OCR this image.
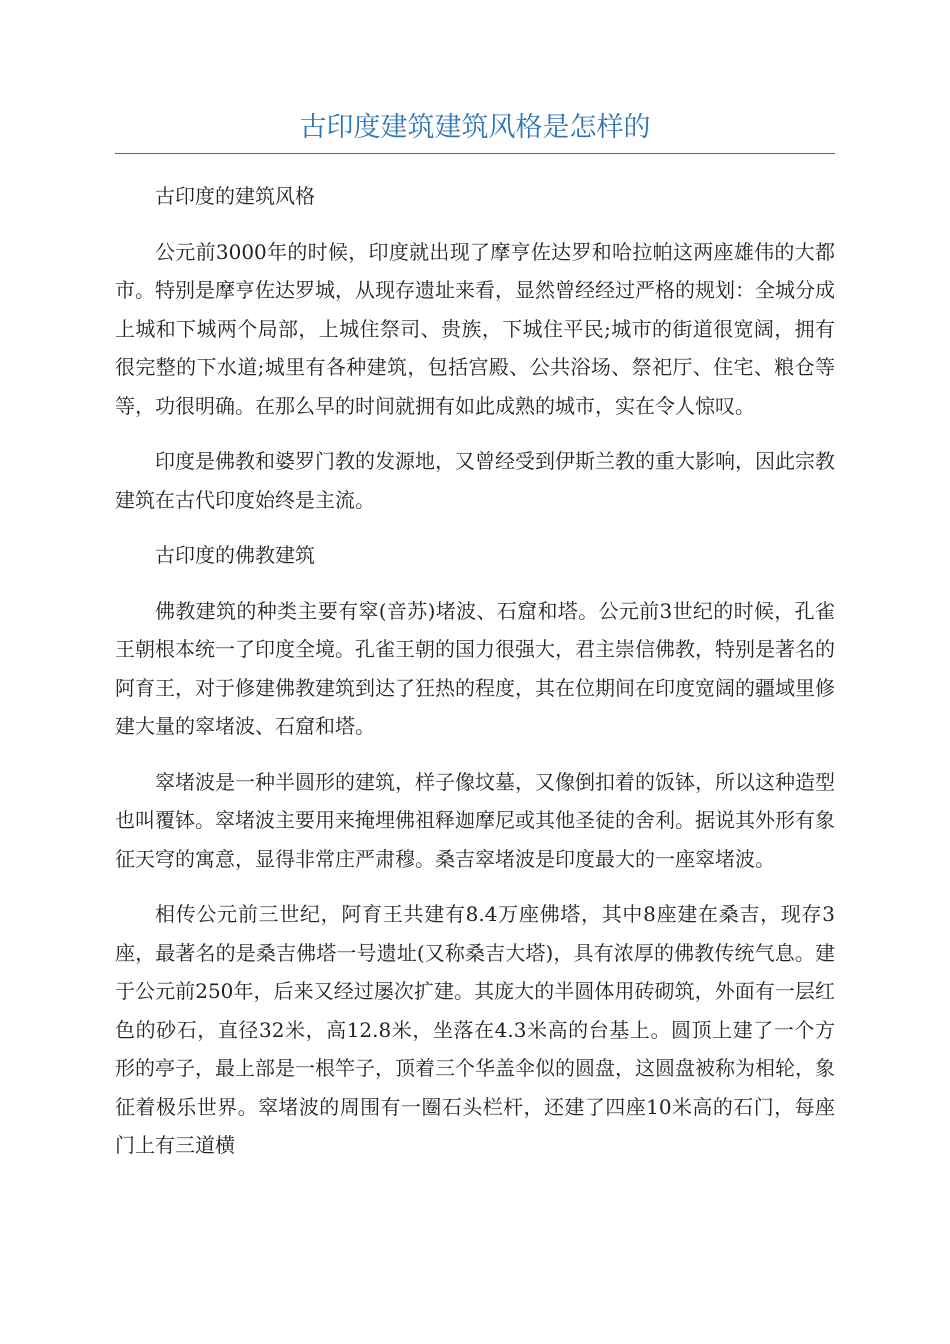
古印度建筑建筑风格是怎样的

古印度的建筑风格

公元前3000年的时候，印度就出现了摩亨佐达罗和哈拉帕这两座雄伟的大都市。特别是摩亨佐达罗城，从现存遗址来看，显然曾经经过严格的规划：全城分成上城和下城两个局部，上城住祭司、贵族，下城住平民;城市的街道很宽阔，拥有很完整的下水道;城里有各种建筑，包括宫殿、公共浴场、祭祀厅、住宅、粮仓等等，功很明确。在那么早的时间就拥有如此成熟的城市，实在令人惊叹。

印度是佛教和婆罗门教的发源地，又曾经受到伊斯兰教的重大影响，因此宗教建筑在古代印度始终是主流。

古印度的佛教建筑

佛教建筑的种类主要有窣(音苏)堵波、石窟和塔。公元前3世纪的时候，孔雀王朝根本统一了印度全境。孔雀王朝的国力很强大，君主崇信佛教，特别是著名的阿育王，对于修建佛教建筑到达了狂热的程度，其在位期间在印度宽阔的疆域里修建大量的窣堵波、石窟和塔。

窣堵波是一种半圆形的建筑，样子像坟墓，又像倒扣着的饭钵，所以这种造型也叫覆钵。窣堵波主要用来掩埋佛祖释迦摩尼或其他圣徒的舍利。据说其外形有象征天穹的寓意，显得非常庄严肃穆。桑吉窣堵波是印度最大的一座窣堵波。

相传公元前三世纪，阿育王共建有8.4万座佛塔，其中8座建在桑吉，现存3座，最著名的是桑吉佛塔一号遗址(又称桑吉大塔)，具有浓厚的佛教传统气息。建于公元前250年，后来又经过屡次扩建。其庞大的半圆体用砖砌筑，外面有一层红色的砂石，直径32米，高12.8米，坐落在4.3米高的台基上。圆顶上建了一个方形的亭子，最上部是一根竿子，顶着三个华盖伞似的圆盘，这圆盘被称为相轮，象征着极乐世界。窣堵波的周围有一圈石头栏杆，还建了四座10米高的石门，每座门上有三道横
